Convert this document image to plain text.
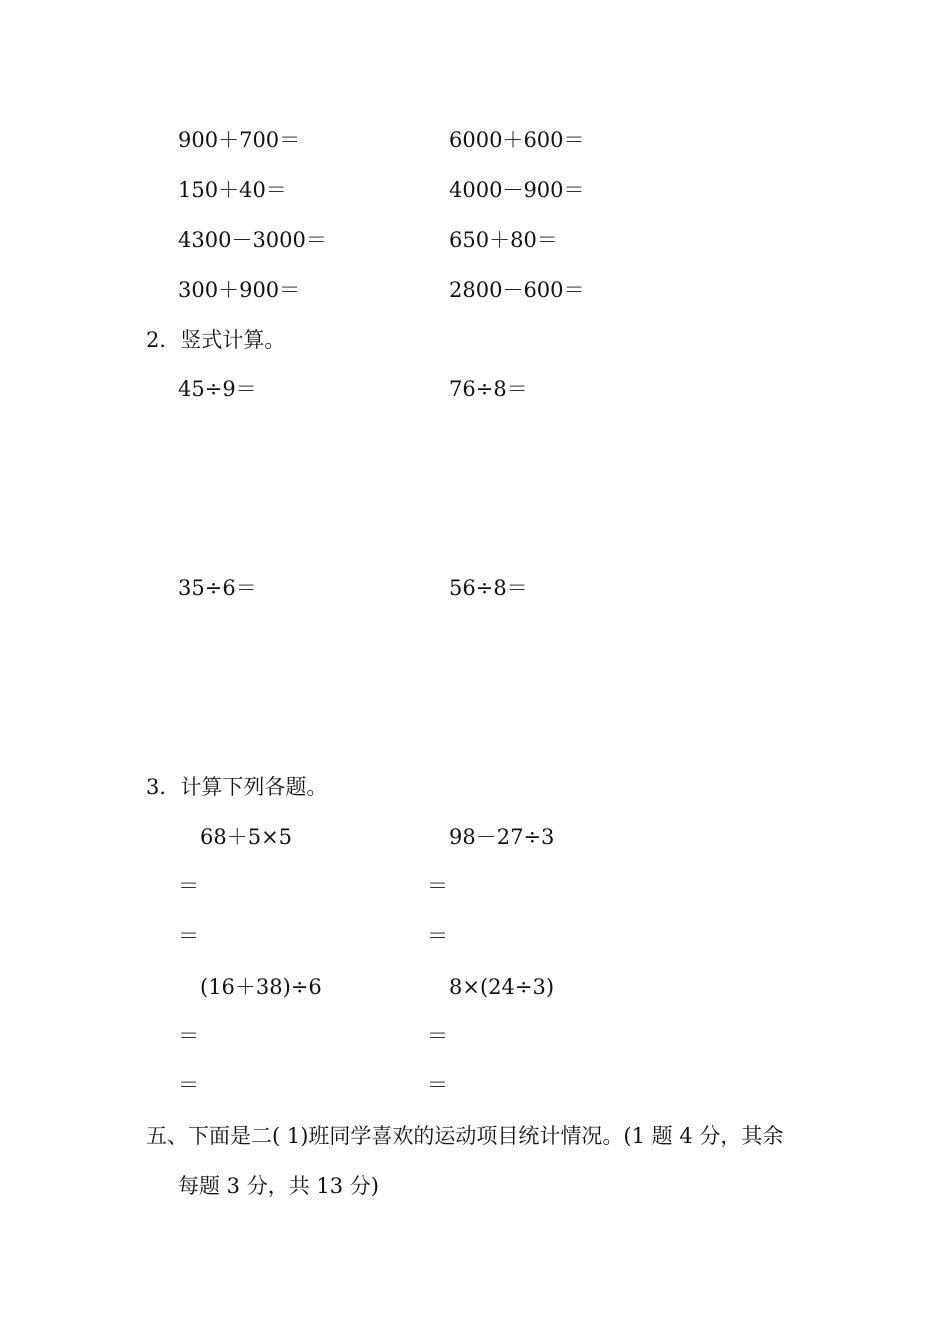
900＋700＝	6000＋600＝
150＋40＝	4000－900＝
4300－3000＝	650＋80＝
300＋900＝	2800－600＝
2．竖式计算。
45÷9＝	76÷8＝
35÷6＝	56÷8＝
3．计算下列各题。
68＋5×5	98－27÷3
＝	＝
＝	＝
(16＋38)÷6	8×(24÷3)
＝	＝
＝	＝
五、下面是二( 1)班同学喜欢的运动项目统计情况。(1 题 4 分，其余
每题 3 分，共 13 分)
